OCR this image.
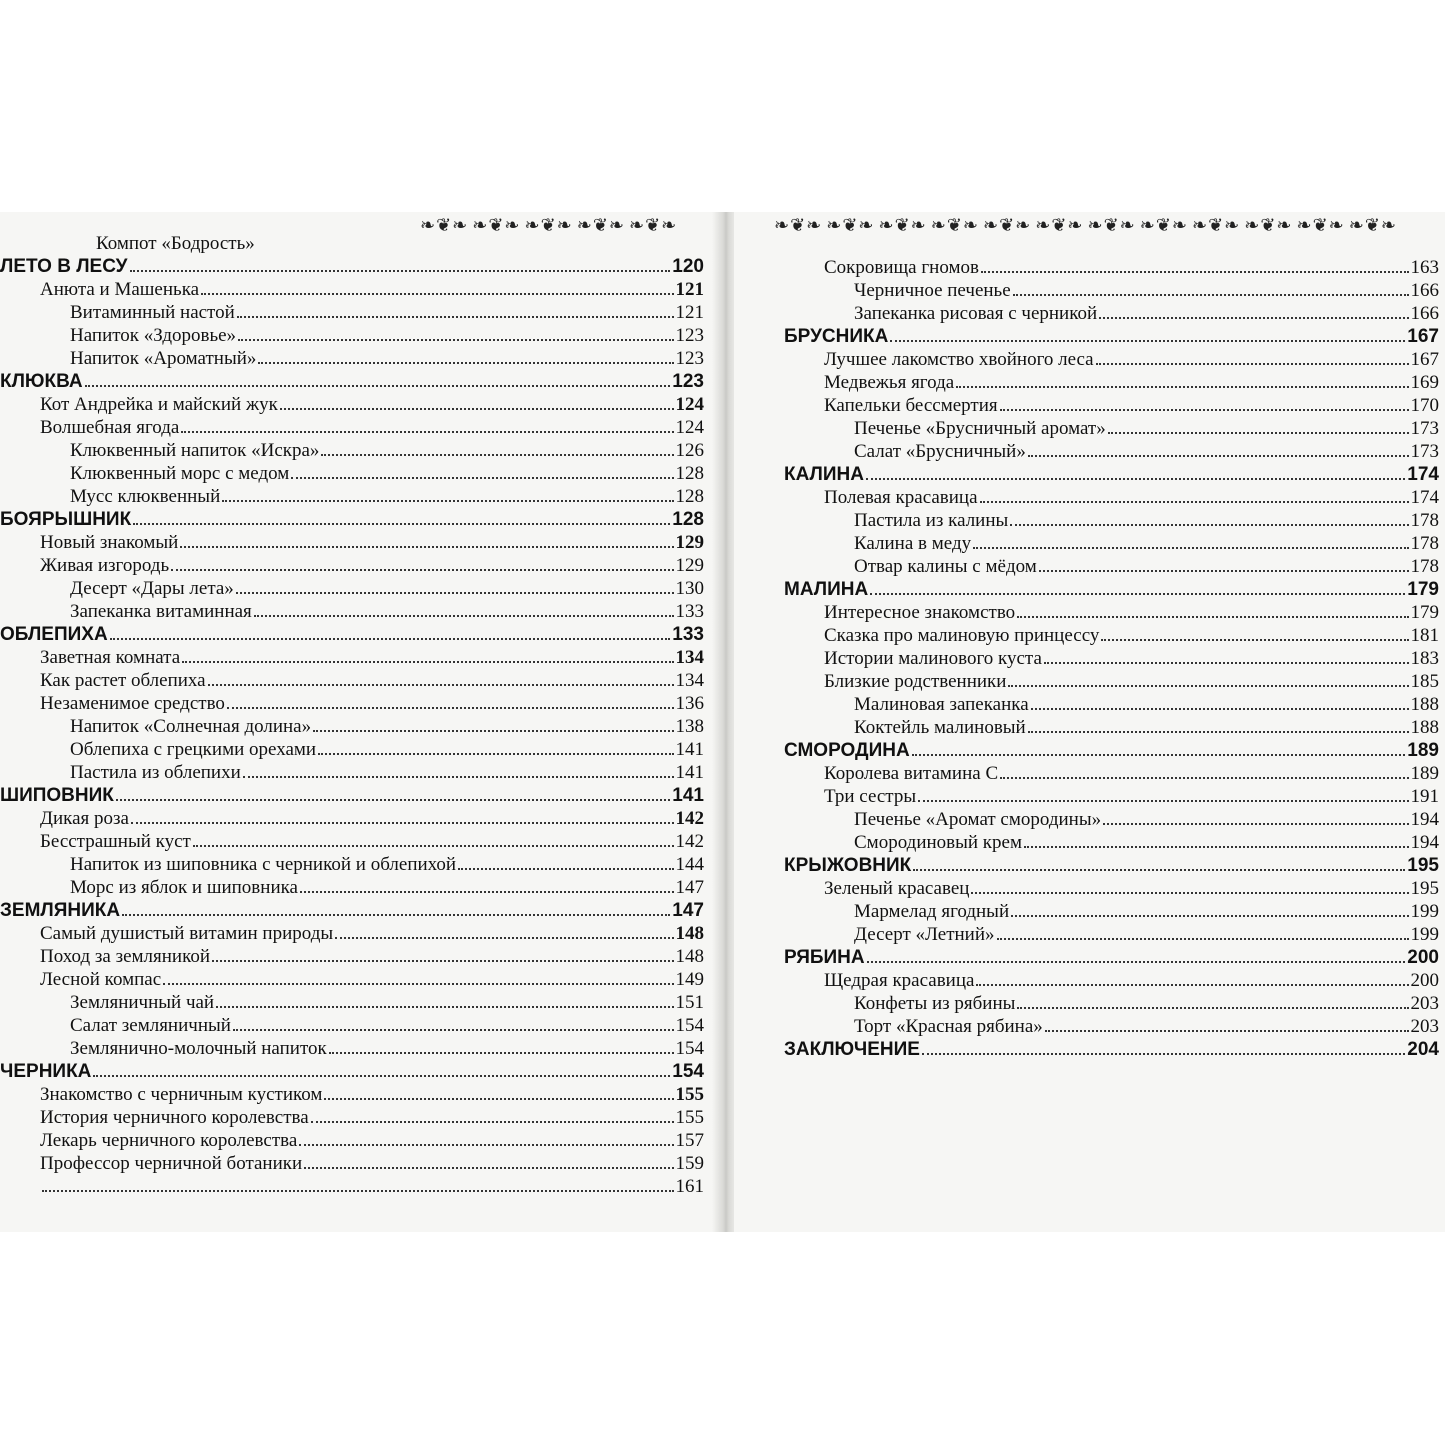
❧❦❧ ❧❦❧ ❧❦❧ ❧❦❧ ❧❦❧
Компот «Бодрость»
ЛЕТО В ЛЕСУ	120
Анюта и Машенька	121
Витаминный настой	121
Напиток «Здоровье»	123
Напиток «Ароматный»	123
КЛЮКВА	123
Кот Андрейка и майский жук	124
Волшебная ягода	124
Клюквенный напиток «Искра»	126
Клюквенный морс с медом	128
Мусс клюквенный	128
БОЯРЫШНИК	128
Новый знакомый	129
Живая изгородь	129
Десерт «Дары лета»	130
Запеканка витаминная	133
ОБЛЕПИХА	133
Заветная комната	134
Как растет облепиха	134
Незаменимое средство	136
Напиток «Солнечная долина»	138
Облепиха с грецкими орехами	141
Пастила из облепихи	141
ШИПОВНИК	141
Дикая роза	142
Бесстрашный куст	142
Напиток из шиповника с черникой и облепихой	144
Морс из яблок и шиповника	147
ЗЕМЛЯНИКА	147
Самый душистый витамин природы	148
Поход за земляникой	148
Лесной компас	149
Земляничный чай	151
Салат земляничный	154
Землянично-молочный напиток	154
ЧЕРНИКА	154
Знакомство с черничным кустиком	155
История черничного королевства	155
Лекарь черничного королевства	157
Профессор черничной ботаники	159
161
❧❦❧ ❧❦❧ ❧❦❧ ❧❦❧ ❧❦❧ ❧❦❧ ❧❦❧ ❧❦❧ ❧❦❧ ❧❦❧ ❧❦❧ ❧❦❧
Сокровища гномов	163
Черничное печенье	166
Запеканка рисовая с черникой	166
БРУСНИКА	167
Лучшее лакомство хвойного леса	167
Медвежья ягода	169
Капельки бессмертия	170
Печенье «Брусничный аромат»	173
Салат «Брусничный»	173
КАЛИНА	174
Полевая красавица	174
Пастила из калины	178
Калина в меду	178
Отвар калины с мёдом	178
МАЛИНА	179
Интересное знакомство	179
Сказка про малиновую принцессу	181
Истории малинового куста	183
Близкие родственники	185
Малиновая запеканка	188
Коктейль малиновый	188
СМОРОДИНА	189
Королева витамина С	189
Три сестры	191
Печенье «Аромат смородины»	194
Смородиновый крем	194
КРЫЖОВНИК	195
Зеленый красавец	195
Мармелад ягодный	199
Десерт «Летний»	199
РЯБИНА	200
Щедрая красавица	200
Конфеты из рябины	203
Торт «Красная рябина»	203
ЗАКЛЮЧЕНИЕ	204
